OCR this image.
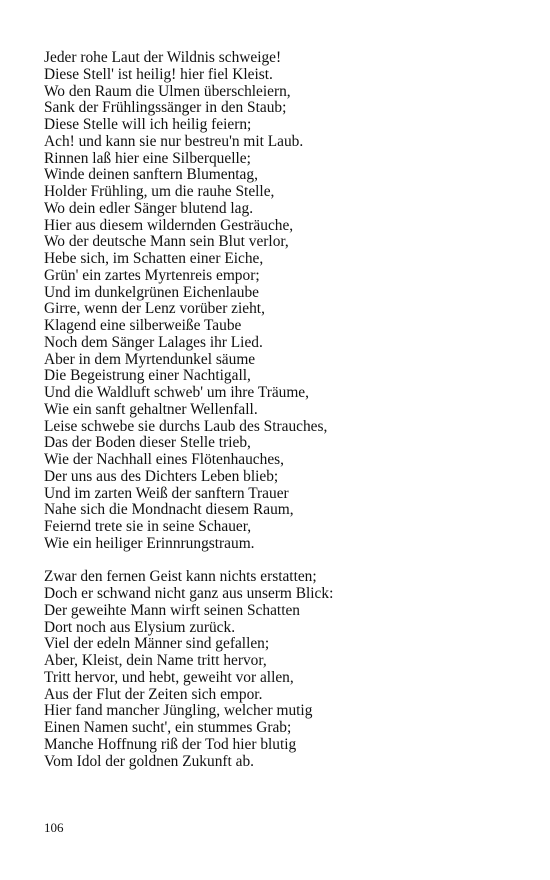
Jeder rohe Laut der Wildnis schweige!
Diese Stell' ist heilig! hier fiel Kleist.
Wo den Raum die Ulmen überschleiern,
Sank der Frühlingssänger in den Staub;
Diese Stelle will ich heilig feiern;
Ach! und kann sie nur bestreu'n mit Laub.
Rinnen laß hier eine Silberquelle;
Winde deinen sanftern Blumentag,
Holder Frühling, um die rauhe Stelle,
Wo dein edler Sänger blutend lag.
Hier aus diesem wildernden Gesträuche,
Wo der deutsche Mann sein Blut verlor,
Hebe sich, im Schatten einer Eiche,
Grün' ein zartes Myrtenreis empor;
Und im dunkelgrünen Eichenlaube
Girre, wenn der Lenz vorüber zieht,
Klagend eine silberweiße Taube
Noch dem Sänger Lalages ihr Lied.
Aber in dem Myrtendunkel säume
Die Begeistrung einer Nachtigall,
Und die Waldluft schweb' um ihre Träume,
Wie ein sanft gehaltner Wellenfall.
Leise schwebe sie durchs Laub des Strauches,
Das der Boden dieser Stelle trieb,
Wie der Nachhall eines Flötenhauches,
Der uns aus des Dichters Leben blieb;
Und im zarten Weiß der sanftern Trauer
Nahe sich die Mondnacht diesem Raum,
Feiernd trete sie in seine Schauer,
Wie ein heiliger Erinnrungstraum.
Zwar den fernen Geist kann nichts erstatten;
Doch er schwand nicht ganz aus unserm Blick:
Der geweihte Mann wirft seinen Schatten
Dort noch aus Elysium zurück.
Viel der edeln Männer sind gefallen;
Aber, Kleist, dein Name tritt hervor,
Tritt hervor, und hebt, geweiht vor allen,
Aus der Flut der Zeiten sich empor.
Hier fand mancher Jüngling, welcher mutig
Einen Namen sucht', ein stummes Grab;
Manche Hoffnung riß der Tod hier blutig
Vom Idol der goldnen Zukunft ab.
106
